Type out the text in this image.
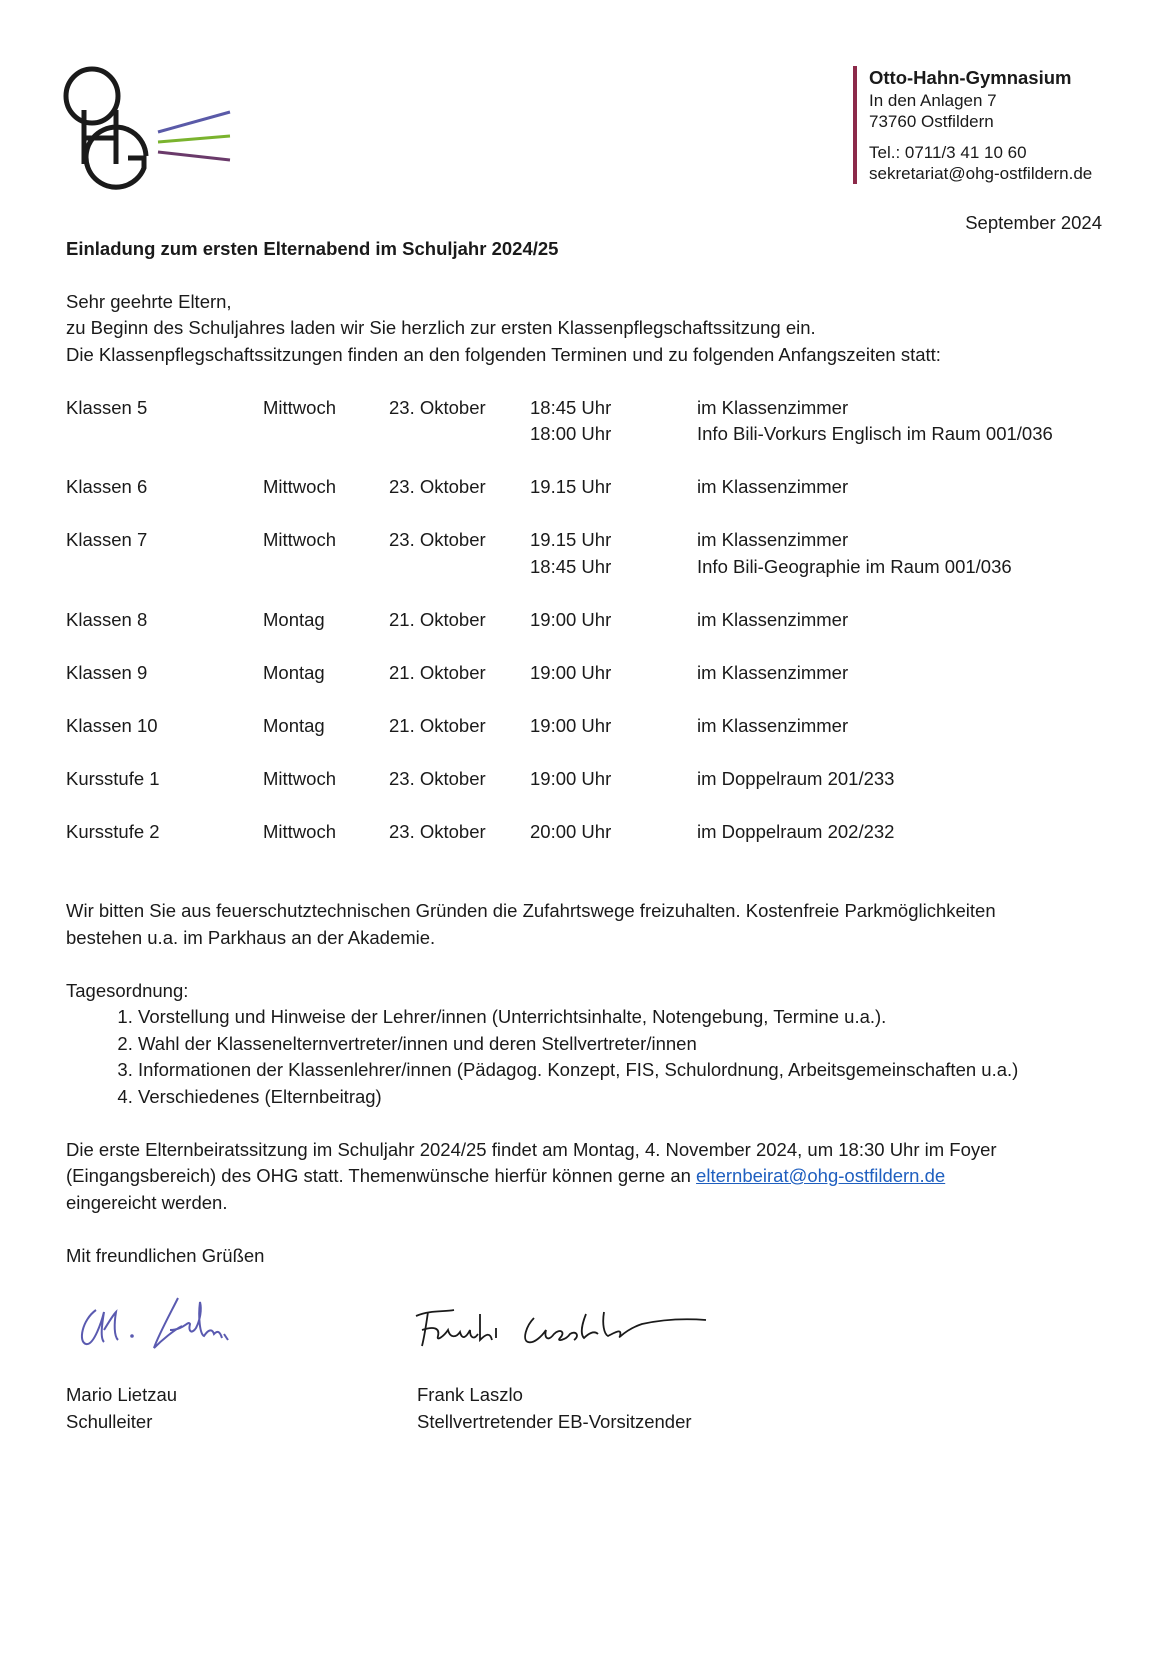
Otto-Hahn-Gymnasium
In den Anlagen 7
73760 Ostfildern
Tel.: 0711/3 41 10 60
sekretariat@ohg-ostfildern.de
September 2024

Einladung zum ersten Elternabend im Schuljahr 2024/25

Sehr geehrte Eltern,

zu Beginn des Schuljahres laden wir Sie herzlich zur ersten Klassenpflegschaftssitzung ein.

Die Klassenpflegschaftssitzungen finden an den folgenden Terminen und zu folgenden Anfangszeiten statt:

Klassen 5	Mittwoch	23. Oktober	18:45 Uhr	im Klassenzimmer
			18:00 Uhr	Info Bili-Vorkurs Englisch im Raum 001/036

Klassen 6	Mittwoch	23. Oktober	19.15 Uhr	im Klassenzimmer

Klassen 7	Mittwoch	23. Oktober	19.15 Uhr	im Klassenzimmer
			18:45 Uhr	Info Bili-Geographie im Raum 001/036

Klassen 8	Montag	21. Oktober	19:00 Uhr	im Klassenzimmer

Klassen 9	Montag	21. Oktober	19:00 Uhr	im Klassenzimmer

Klassen 10	Montag	21. Oktober	19:00 Uhr	im Klassenzimmer

Kursstufe 1	Mittwoch	23. Oktober	19:00 Uhr	im Doppelraum 201/233

Kursstufe 2	Mittwoch	23. Oktober	20:00 Uhr	im Doppelraum 202/232

Wir bitten Sie aus feuerschutztechnischen Gründen die Zufahrtswege freizuhalten. Kostenfreie Parkmöglichkeiten

bestehen u.a. im Parkhaus an der Akademie.

Tagesordnung:

1. Vorstellung und Hinweise der Lehrer/innen (Unterrichtsinhalte, Notengebung, Termine u.a.).
2. Wahl der Klassenelternvertreter/innen und deren Stellvertreter/innen
3. Informationen der Klassenlehrer/innen (Pädagog. Konzept, FIS, Schulordnung, Arbeitsgemeinschaften u.a.)
4. Verschiedenes (Elternbeitrag)

Die erste Elternbeiratssitzung im Schuljahr 2024/25 findet am Montag, 4. November 2024, um 18:30 Uhr im Foyer

(Eingangsbereich) des OHG statt. Themenwünsche hierfür können gerne an elternbeirat@ohg-ostfildern.de

eingereicht werden.

Mit freundlichen Grüßen

Mario Lietzau
Schulleiter
Frank Laszlo
Stellvertretender EB-Vorsitzender
